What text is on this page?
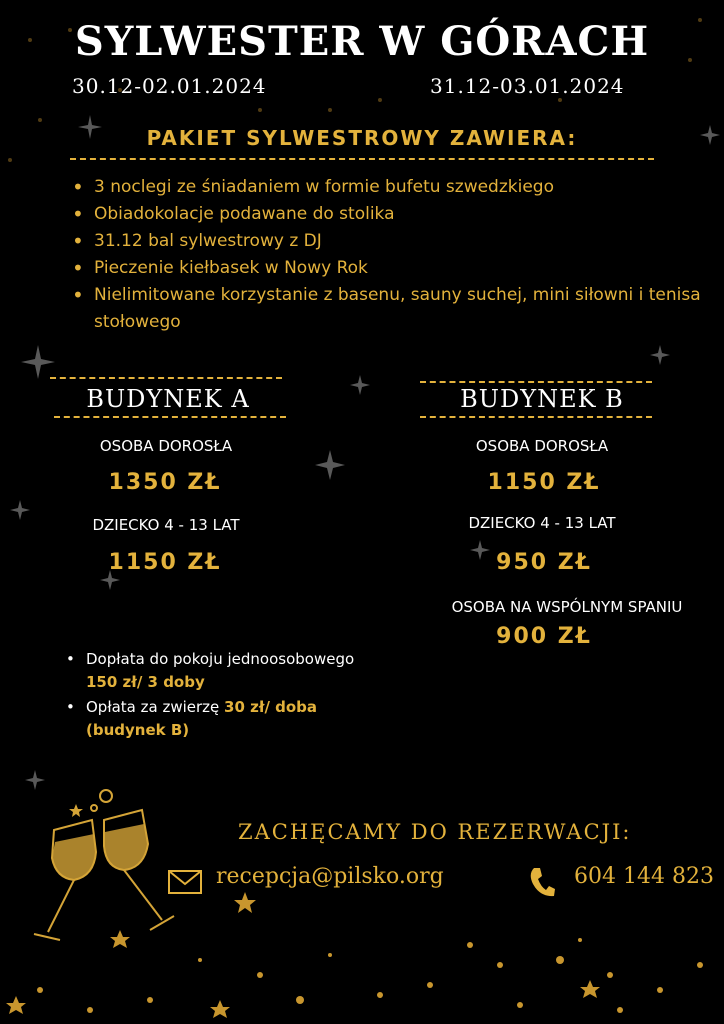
SYLWESTER W GÓRACH
30.12-02.01.2024	31.12-03.01.2024
PAKIET SYLWESTROWY ZAWIERA:
• 3 noclegi ze śniadaniem w formie bufetu szwedzkiego
• Obiadokolacje podawane do stolika
• 31.12 bal sylwestrowy z DJ
• Pieczenie kiełbasek w Nowy Rok
• Nielimitowane korzystanie z basenu, sauny suchej, mini siłowni i tenisa stołowego
BUDYNEK A
OSOBA DOROSŁA
1350 ZŁ
DZIECKO 4 - 13 LAT
1150 ZŁ
BUDYNEK B
OSOBA DOROSŁA
1150 ZŁ
DZIECKO 4 - 13 LAT
950 ZŁ
OSOBA NA WSPÓLNYM SPANIU
900 ZŁ
• Dopłata do pokoju jednoosobowego 150 zł/ 3 doby
• Opłata za zwierzę 30 zł/ doba (budynek B)
ZACHĘCAMY DO REZERWACJI:
recepcja@pilsko.org	604 144 823
